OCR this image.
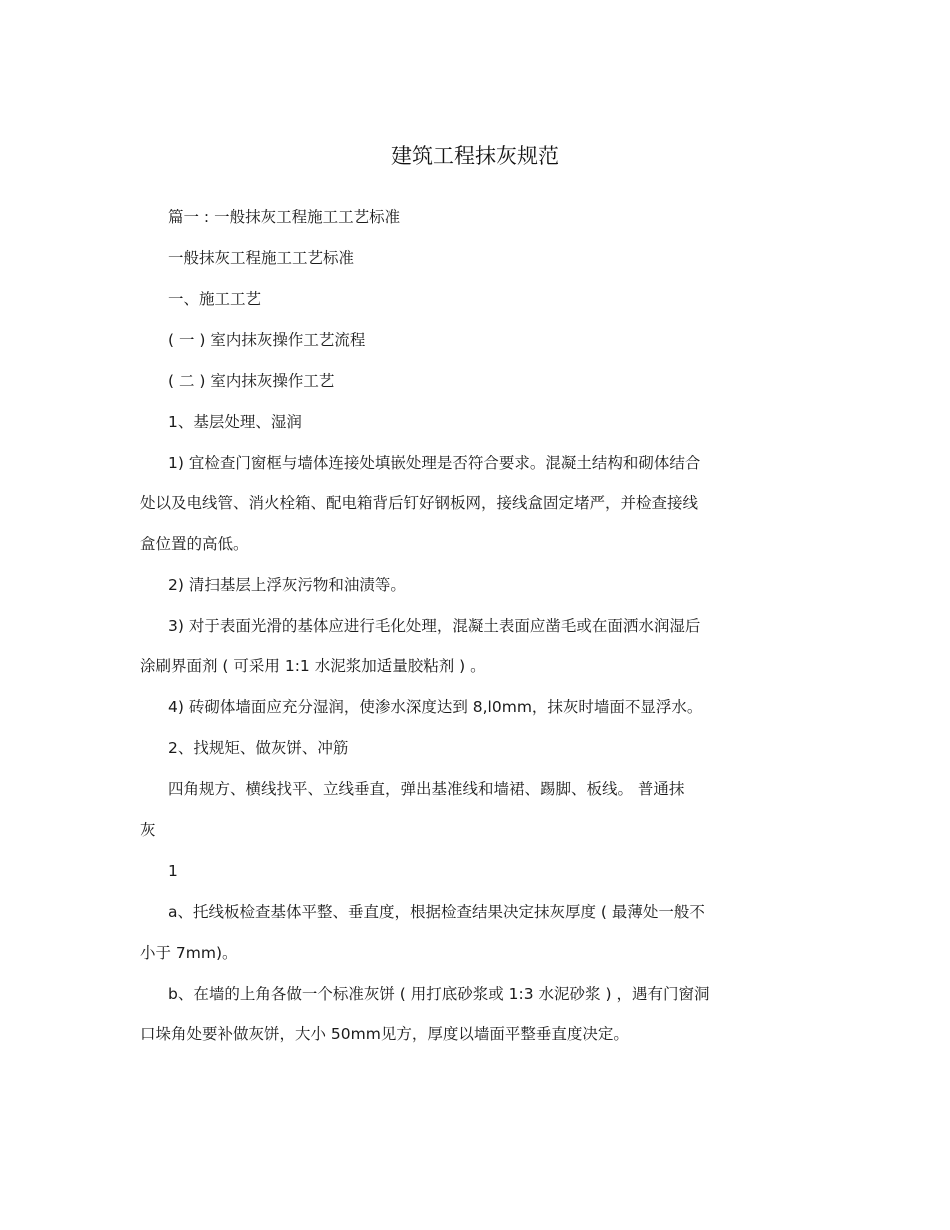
建筑工程抹灰规范
篇一 : 一般抹灰工程施工工艺标准
一般抹灰工程施工工艺标准
一、施工工艺
( 一 ) 室内抹灰操作工艺流程
( 二 ) 室内抹灰操作工艺
1、基层处理、湿润
1) 宜检查门窗框与墙体连接处填嵌处理是否符合要求。混凝土结构和砌体结合
处以及电线管、消火栓箱、配电箱背后钉好钢板网，接线盒固定堵严，并检查接线
盒位置的高低。
2) 清扫基层上浮灰污物和油渍等。
3) 对于表面光滑的基体应进行毛化处理，混凝土表面应凿毛或在面洒水润湿后
涂刷界面剂 ( 可采用 1:1 水泥浆加适量胶粘剂 ) 。
4) 砖砌体墙面应充分湿润，使渗水深度达到 8,l0mm，抹灰时墙面不显浮水。
2、找规矩、做灰饼、冲筋
四角规方、横线找平、立线垂直，弹出基准线和墙裙、踢脚、板线。 普通抹
灰
1
a、托线板检查基体平整、垂直度，根据检查结果决定抹灰厚度 ( 最薄处一般不
小于 7mm)。
b、在墙的上角各做一个标准灰饼 ( 用打底砂浆或 1:3 水泥砂浆 ) ，遇有门窗洞
口垛角处要补做灰饼，大小 50mm见方，厚度以墙面平整垂直度决定。
